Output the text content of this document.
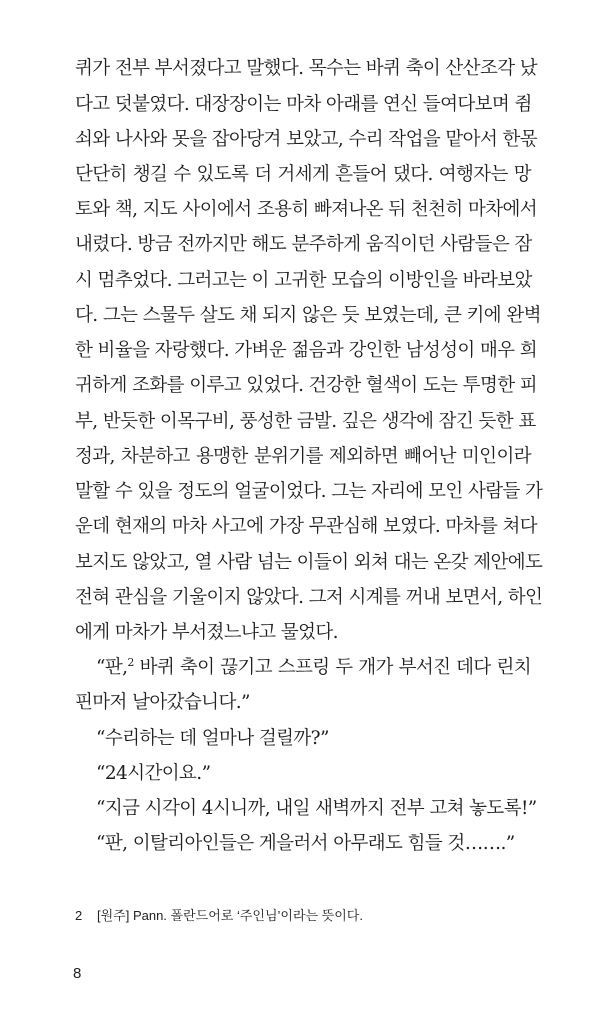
퀴가 전부 부서졌다고 말했다. 목수는 바퀴 축이 산산조각 났
다고 덧붙였다. 대장장이는 마차 아래를 연신 들여다보며 쥠
쇠와 나사와 못을 잡아당겨 보았고, 수리 작업을 맡아서 한몫
단단히 챙길 수 있도록 더 거세게 흔들어 댔다. 여행자는 망
토와 책, 지도 사이에서 조용히 빠져나온 뒤 천천히 마차에서
내렸다. 방금 전까지만 해도 분주하게 움직이던 사람들은 잠
시 멈추었다. 그러고는 이 고귀한 모습의 이방인을 바라보았
다. 그는 스물두 살도 채 되지 않은 듯 보였는데, 큰 키에 완벽
한 비율을 자랑했다. 가벼운 젊음과 강인한 남성성이 매우 희
귀하게 조화를 이루고 있었다. 건강한 혈색이 도는 투명한 피
부, 반듯한 이목구비, 풍성한 금발. 깊은 생각에 잠긴 듯한 표
정과, 차분하고 용맹한 분위기를 제외하면 빼어난 미인이라
말할 수 있을 정도의 얼굴이었다. 그는 자리에 모인 사람들 가
운데 현재의 마차 사고에 가장 무관심해 보였다. 마차를 쳐다
보지도 않았고, 열 사람 넘는 이들이 외쳐 대는 온갖 제안에도
전혀 관심을 기울이지 않았다. 그저 시계를 꺼내 보면서, 하인
에게 마차가 부서졌느냐고 물었다.
“판,$^2$ 바퀴 축이 끊기고 스프링 두 개가 부서진 데다 린치
핀마저 날아갔습니다.”
“수리하는 데 얼마나 걸릴까?”
“24시간이요.”
“지금 시각이 4시니까, 내일 새벽까지 전부 고쳐 놓도록!”
“판, 이탈리아인들은 게을러서 아무래도 힘들 것…….”
2 [원주] Pann. 폴란드어로 ‘주인님’이라는 뜻이다.
8
